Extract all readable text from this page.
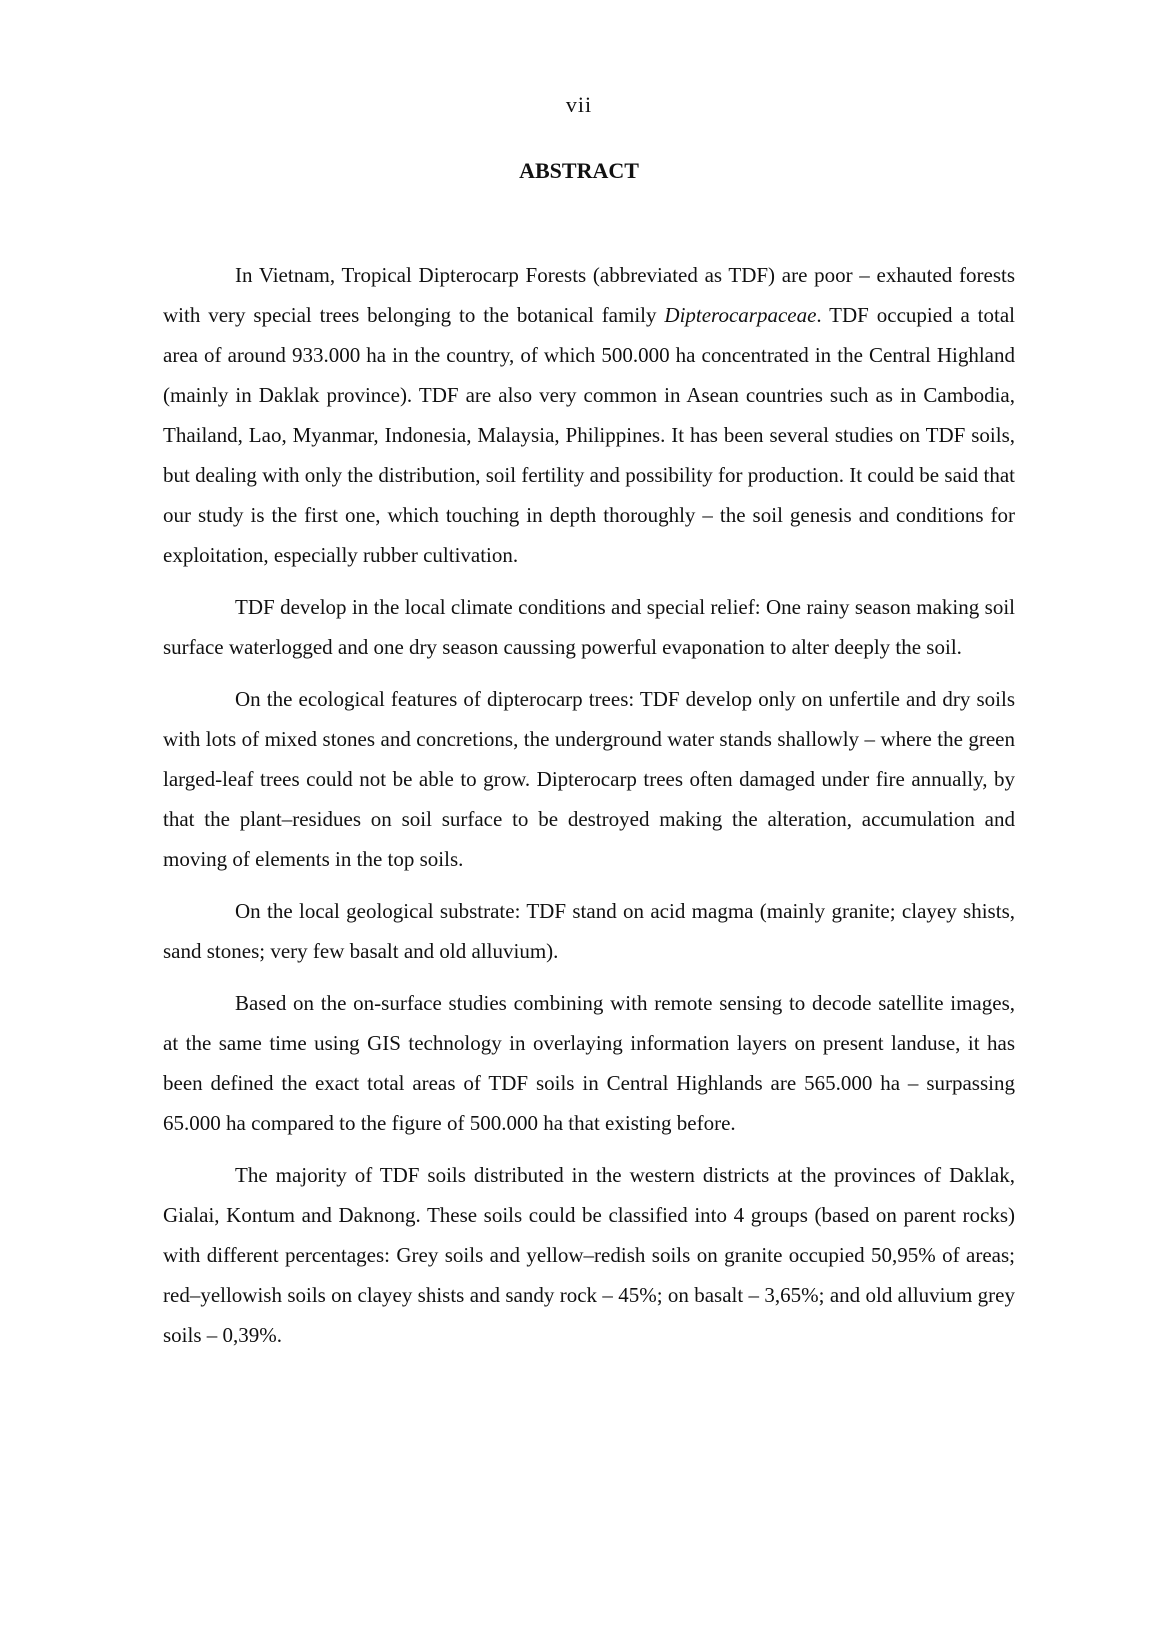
vii
ABSTRACT

In Vietnam, Tropical Dipterocarp Forests (abbreviated as TDF) are poor – exhauted forests with very special trees belonging to the botanical family Dipterocarpaceae. TDF occupied a total area of around 933.000 ha in the country, of which 500.000 ha concentrated in the Central Highland (mainly in Daklak province). TDF are also very common in Asean countries such as in Cambodia, Thailand, Lao, Myanmar, Indonesia, Malaysia, Philippines. It has been several studies on TDF soils, but dealing with only the distribution, soil fertility and possibility for production. It could be said that our study is the first one, which touching in depth thoroughly – the soil genesis and conditions for exploitation, especially rubber cultivation.

TDF develop in the local climate conditions and special relief: One rainy season making soil surface waterlogged and one dry season caussing powerful evaponation to alter deeply the soil.

On the ecological features of dipterocarp trees: TDF develop only on unfertile and dry soils with lots of mixed stones and concretions, the underground water stands shallowly – where the green larged-leaf trees could not be able to grow. Dipterocarp trees often damaged under fire annually, by that the plant–residues on soil surface to be destroyed making the alteration, accumulation and moving of elements in the top soils.

On the local geological substrate: TDF stand on acid magma (mainly granite; clayey shists, sand stones; very few basalt and old alluvium).

Based on the on-surface studies combining with remote sensing to decode satellite images, at the same time using GIS technology in overlaying information layers on present landuse, it has been defined the exact total areas of TDF soils in Central Highlands are 565.000 ha – surpassing 65.000 ha compared to the figure of 500.000 ha that existing before.

The majority of TDF soils distributed in the western districts at the provinces of Daklak, Gialai, Kontum and Daknong. These soils could be classified into 4 groups (based on parent rocks) with different percentages: Grey soils and yellow–redish soils on granite occupied 50,95% of areas; red–yellowish soils on clayey shists and sandy rock – 45%; on basalt – 3,65%; and old alluvium grey soils – 0,39%.
